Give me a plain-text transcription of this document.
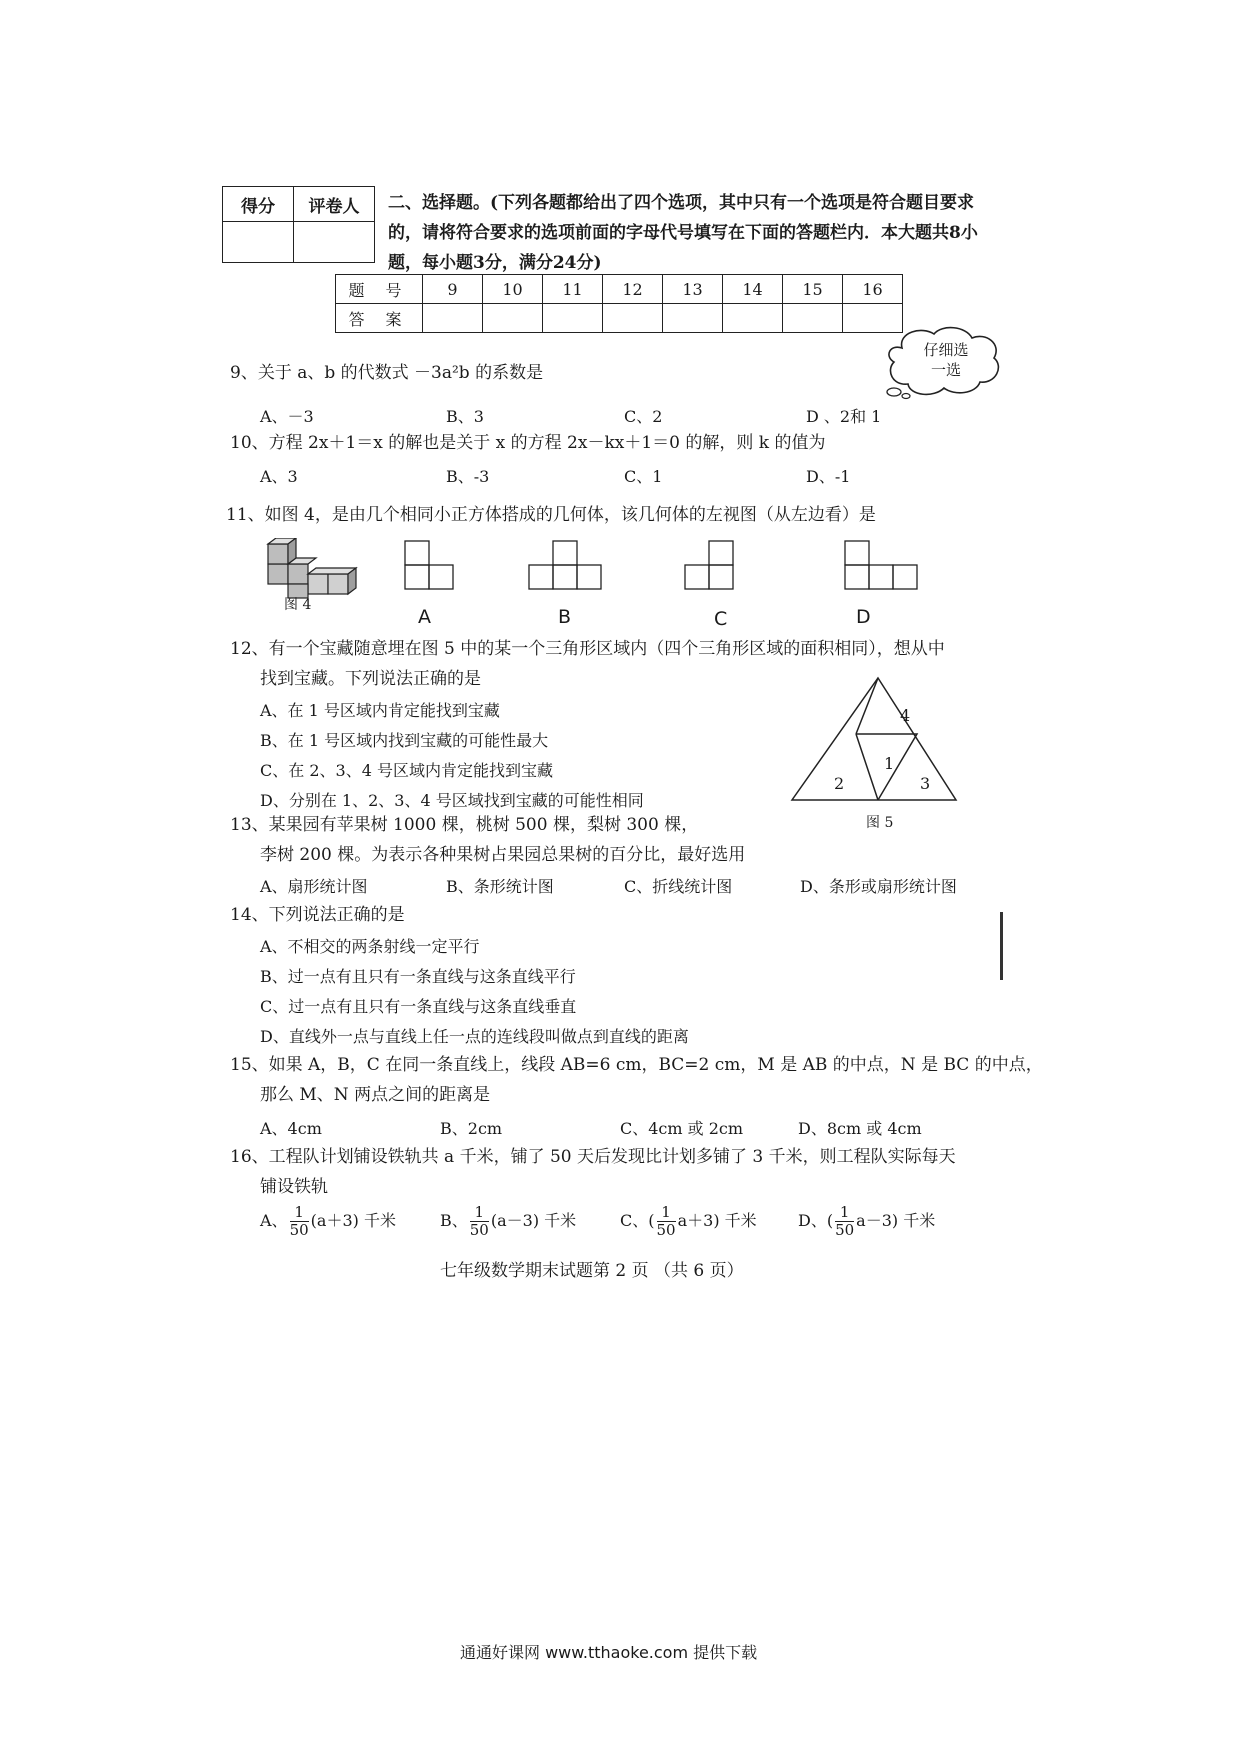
得分	评卷人
	二、选择题。(下列各题都给出了四个选项，其中只有一个选项是符合题目要求的，请将符合要求的选项前面的字母代号填写在下面的答题栏内．本大题共8小题，每小题3分，满分24分)
题 号	9	10	11	12	13	14	15	16
答 案								
仔细选
一选
9、关于 a、b 的代数式 －3a²b 的系数是
A、－3	B、3	C、2	D 、2和 1
10、方程 2x＋1＝x 的解也是关于 x 的方程 2x－kx＋1＝0 的解，则 k 的值为
A、3	B、-3	C、1	D、-1
11、如图 4，是由几个相同小正方体搭成的几何体，该几何体的左视图（从左边看）是
图 4
A	B	C	D
12、有一个宝藏随意埋在图 5 中的某一个三角形区域内（四个三角形区域的面积相同），想从中
找到宝藏。下列说法正确的是
A、在 1 号区域内肯定能找到宝藏
B、在 1 号区域内找到宝藏的可能性最大
C、在 2、3、4 号区域内肯定能找到宝藏
D、分别在 1、2、3、4 号区域找到宝藏的可能性相同
4
1
2	3
图 5
13、某果园有苹果树 1000 棵，桃树 500 棵，梨树 300 棵，
李树 200 棵。为表示各种果树占果园总果树的百分比，最好选用
A、扇形统计图	B、条形统计图	C、折线统计图	D、条形或扇形统计图
14、下列说法正确的是
A、不相交的两条射线一定平行
B、过一点有且只有一条直线与这条直线平行
C、过一点有且只有一条直线与这条直线垂直
D、直线外一点与直线上任一点的连线段叫做点到直线的距离
15、如果 A，B，C 在同一条直线上，线段 AB=6 cm，BC=2 cm，M 是 AB 的中点，N 是 BC 的中点，
那么 M、N 两点之间的距离是
A、4cm	B、2cm	C、4cm 或 2cm	D、8cm 或 4cm
16、工程队计划铺设铁轨共 a 千米，铺了 50 天后发现比计划多铺了 3 千米，则工程队实际每天
铺设铁轨
A、 $\frac{1}{50} (a+3)$ 千米	B、 $\frac{1}{50} (a-3)$ 千米	C、( $\frac{1}{50} a+3$) 千米	D、( $\frac{1}{50} a-3$) 千米
七年级数学期末试题第 2 页 （共 6 页）
通通好课网 www.tthaoke.com 提供下载
